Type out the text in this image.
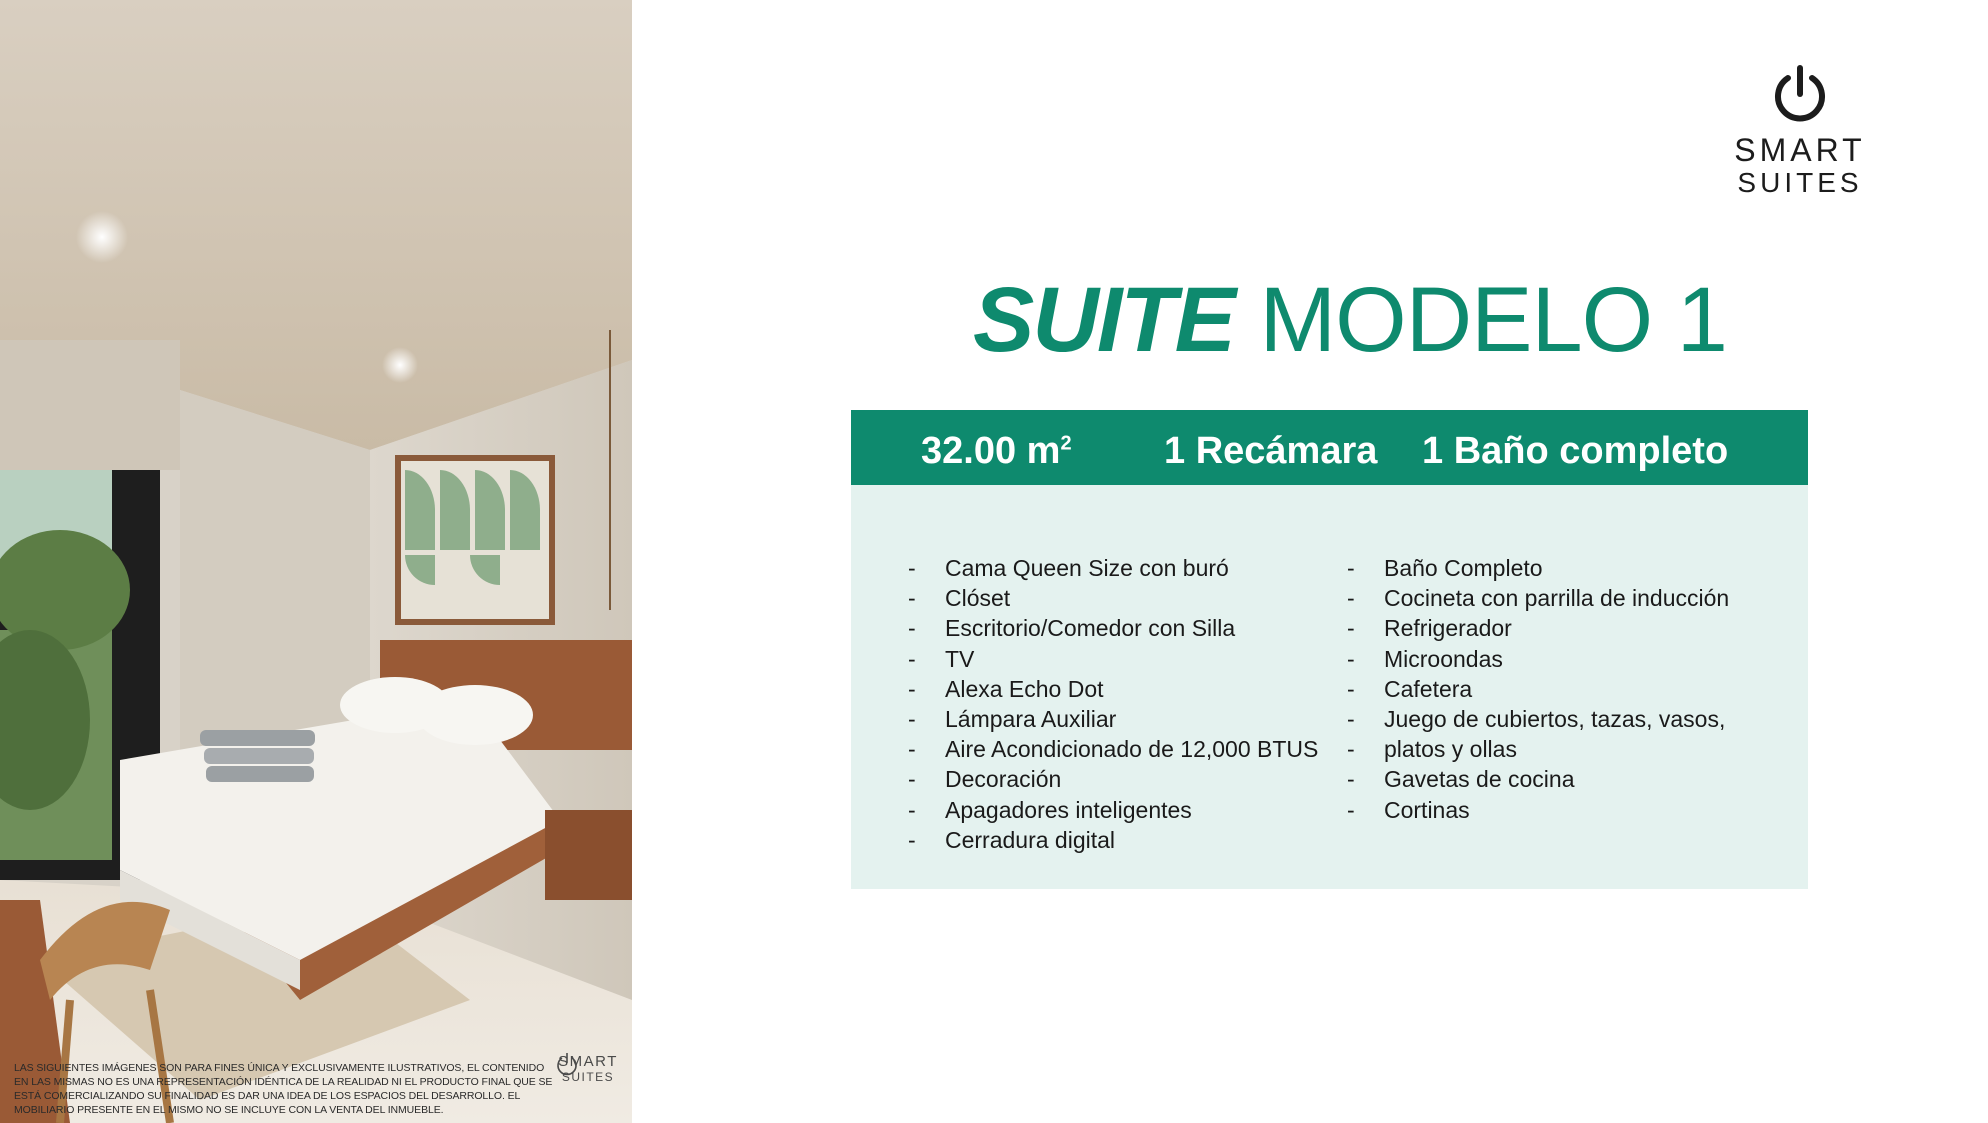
LAS SIGUIENTES IMÁGENES SON PARA FINES ÚNICA Y EXCLUSIVAMENTE ILUSTRATIVOS, EL CONTENIDO EN LAS MISMAS NO ES UNA REPRESENTACIÓN IDÉNTICA DE LA REALIDAD NI EL PRODUCTO FINAL QUE SE ESTÁ COMERCIALIZANDO SU FINALIDAD ES DAR UNA IDEA DE LOS ESPACIOS DEL DESARROLLO. EL MOBILIARIO PRESENTE EN EL MISMO NO SE INCLUYE CON LA VENTA DEL INMUEBLE.
SMART
SUITES
SMART
SUITES
SUITE MODELO 1
32.00 $m^2$ 1 Recámara 1 Baño completo
- Cama Queen Size con buró
- Clóset
- Escritorio/Comedor con Silla
- TV
- Alexa Echo Dot
- Lámpara Auxiliar
- Aire Acondicionado de 12,000 BTUS
- Decoración
- Apagadores inteligentes
- Cerradura digital
- Baño Completo
- Cocineta con parrilla de inducción
- Refrigerador
- Microondas
- Cafetera
- Juego de cubiertos, tazas, vasos,
- platos y ollas
- Gavetas de cocina
- Cortinas
